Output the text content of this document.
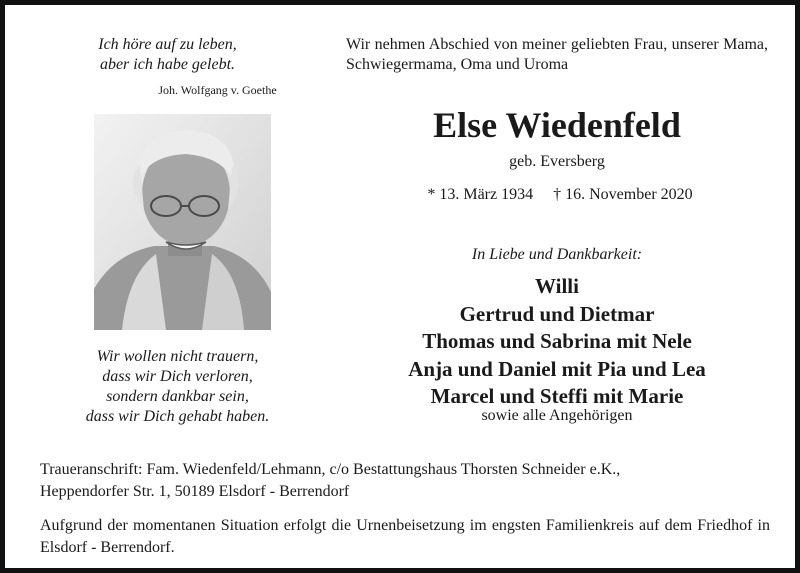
Ich höre auf zu leben,
aber ich habe gelebt.
Joh. Wolfgang v. Goethe

Wir nehmen Abschied von meiner geliebten Frau, unserer Mama, Schwiegermama, Oma und Uroma

Else Wiedenfeld
geb. Eversberg
* 13. März 1934 † 16. November 2020
In Liebe und Dankbarkeit:
Willi
Gertrud und Dietmar
Thomas und Sabrina mit Nele
Anja und Daniel mit Pia und Lea
Marcel und Steffi mit Marie
sowie alle Angehörigen
Wir wollen nicht trauern,
dass wir Dich verloren,
sondern dankbar sein,
dass wir Dich gehabt haben.
Traueranschrift: Fam. Wiedenfeld/Lehmann, c/o Bestattungshaus Thorsten Schneider e.K.,
Heppendorfer Str. 1, 50189 Elsdorf - Berrendorf

Aufgrund der momentanen Situation erfolgt die Urnenbeisetzung im engsten Familienkreis auf dem Friedhof in Elsdorf - Berrendorf.
